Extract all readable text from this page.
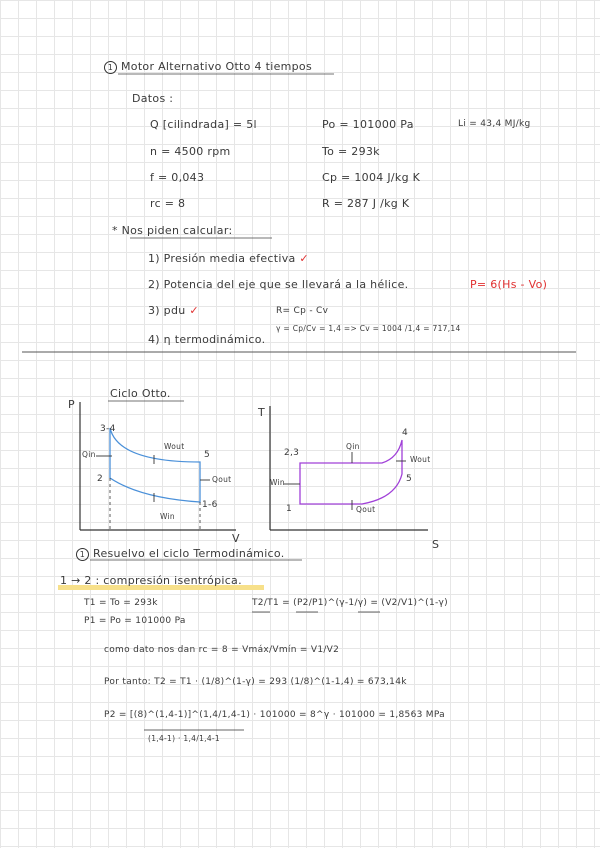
1 Motor Alternativo Otto 4 tiempos
Datos :
Q [cilindrada] = 5l
n = 4500 rpm
f = 0,043
rc = 8
Po = 101000 Pa
To = 293k
Cp = 1004 J/kg K
R = 287 J /kg K
Li = 43,4 MJ/kg
* Nos piden calcular:
1) Presión media efectiva ✓
2) Potencia del eje que se llevará a la hélice.	P= 6(Hs - Vo)
3) pdu ✓	R= Cp - Cv
4) η termodinámico.
γ = Cp/Cv = 1,4 => Cv = 1004 /1,4 = 717,14
Ciclo Otto.
P
V
3-4
2
5
1-6
Qin
Wout
Qout
Win
T
S
4
2,3
5
1
Qin
Wout
Win
Qout
1 Resuelvo el ciclo Termodinámico.
1 → 2 : compresión isentrópica.
T1 = To = 293k
P1 = Po = 101000 Pa
T2/T1 = (P2/P1)^(γ-1/γ) = (V2/V1)^(1-γ)
como dato nos dan rc = 8 = Vmáx/Vmín = V1/V2
Por tanto: T2 = T1 · (1/8)^(1-γ) = 293 (1/8)^(1-1,4) = 673,14k
P2 = [(8)^(1,4-1)]^(1,4/1,4-1) · 101000 = 8^γ · 101000 = 1,8563 MPa
(1,4-1) · 1,4/1,4-1
